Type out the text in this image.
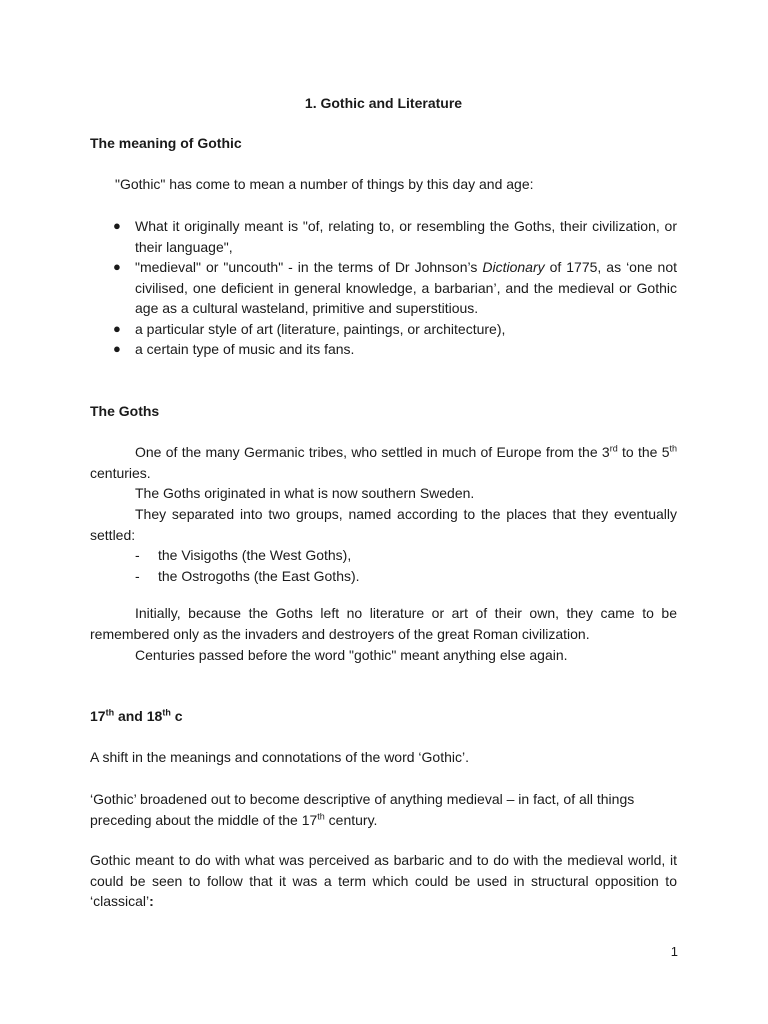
1. Gothic and Literature
The meaning of Gothic
"Gothic" has come to mean a number of things by this day and age:
● What it originally meant is "of, relating to, or resembling the Goths, their civilization, or their language",
● "medieval" or "uncouth" - in the terms of Dr Johnson’s Dictionary of 1775, as ‘one not civilised, one deficient in general knowledge, a barbarian’, and the medieval or Gothic age as a cultural wasteland, primitive and superstitious.
● a particular style of art (literature, paintings, or architecture),
● a certain type of music and its fans.
The Goths
One of the many Germanic tribes, who settled in much of Europe from the 3rd to the 5th centuries.
The Goths originated in what is now southern Sweden.
They separated into two groups, named according to the places that they eventually settled:
- the Visigoths (the West Goths),
- the Ostrogoths (the East Goths).
Initially, because the Goths left no literature or art of their own, they came to be remembered only as the invaders and destroyers of the great Roman civilization.
Centuries passed before the word "gothic" meant anything else again.
17th and 18th c
A shift in the meanings and connotations of the word ‘Gothic’.
‘Gothic’ broadened out to become descriptive of anything medieval – in fact, of all things preceding about the middle of the 17th century.
Gothic meant to do with what was perceived as barbaric and to do with the medieval world, it could be seen to follow that it was a term which could be used in structural opposition to ‘classical’:
1
